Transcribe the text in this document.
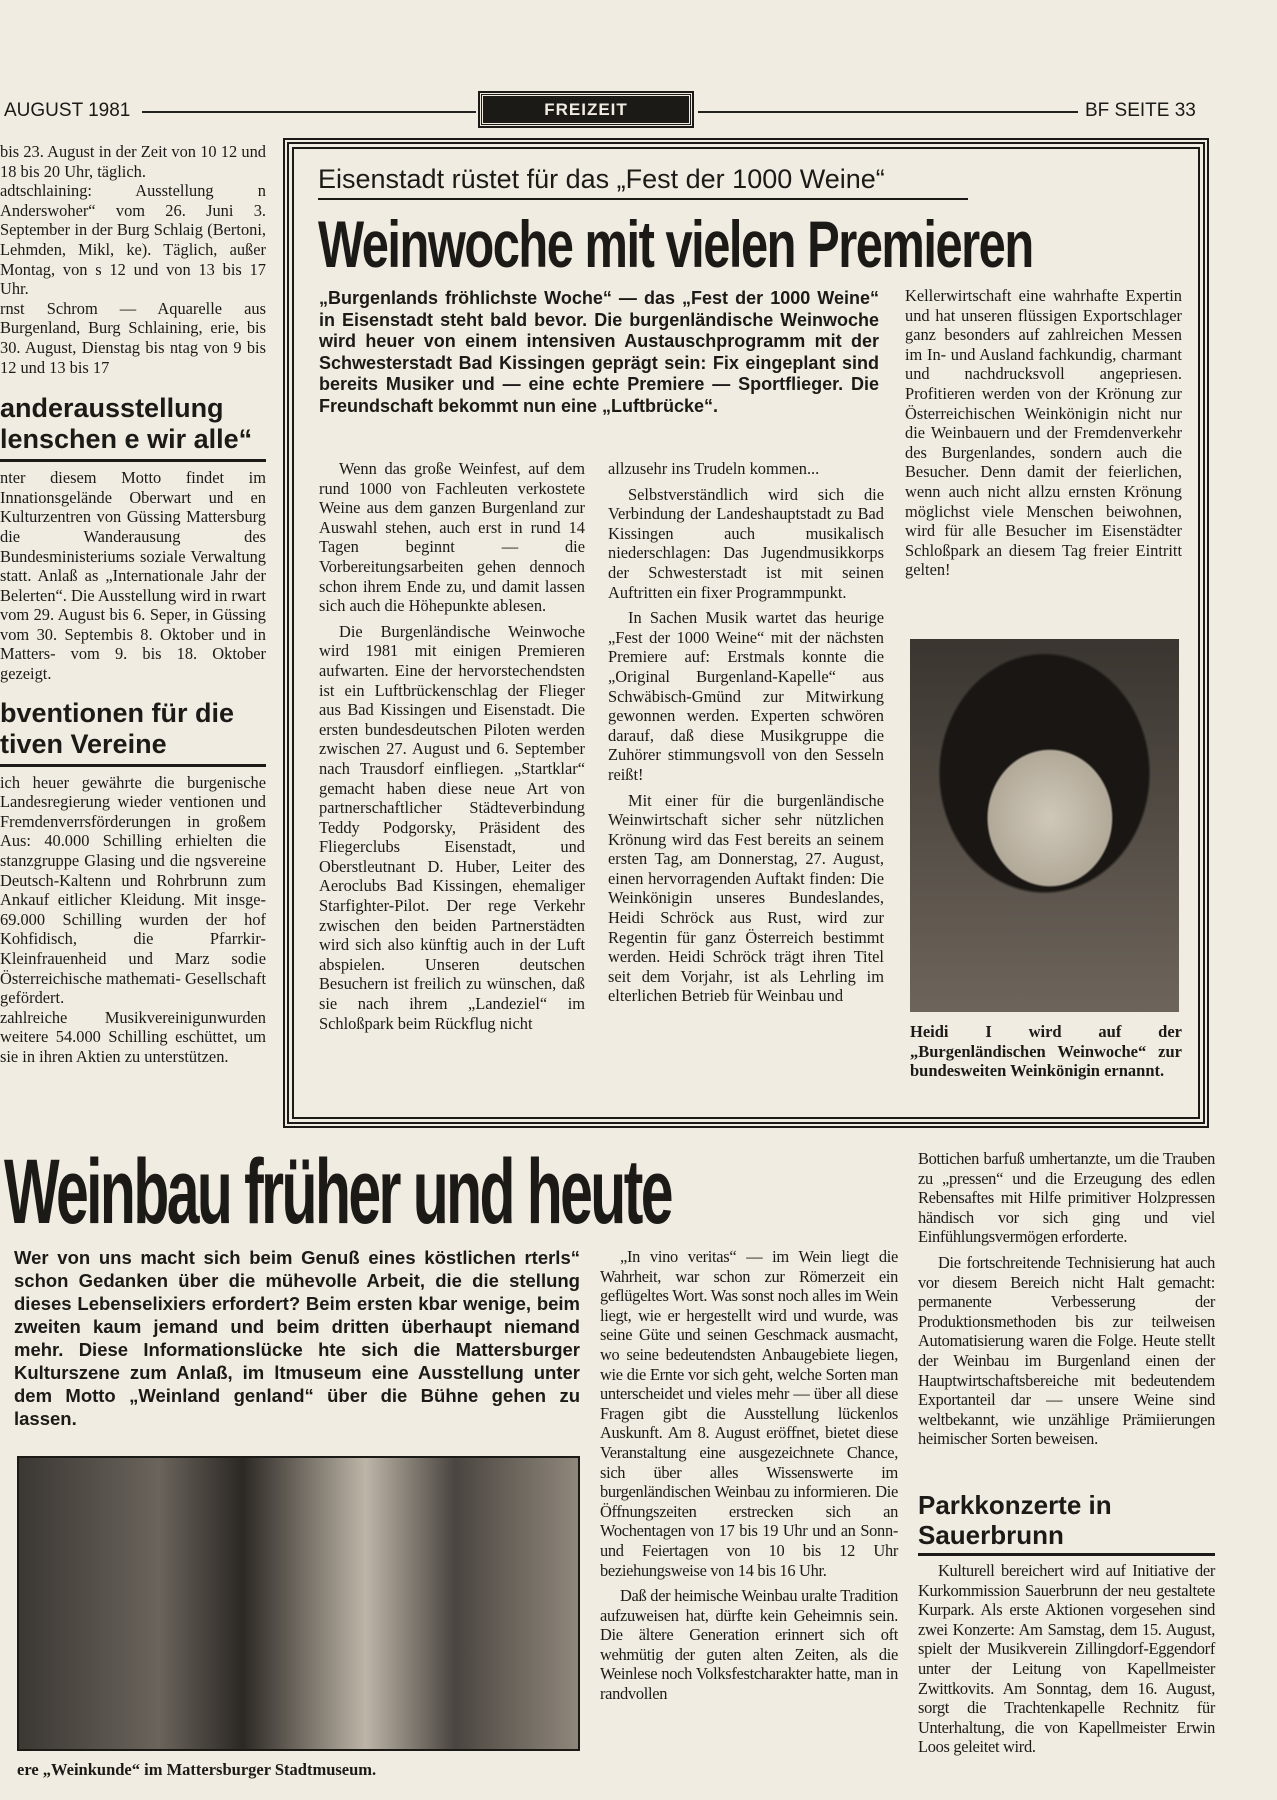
AUGUST 1981	FREIZEIT	BF SEITE 33
bis 23. August in der Zeit von 10 12 und 18 bis 20 Uhr, täglich.
adtschlaining: Ausstellung n Anderswoher“ vom 26. Juni 3. September in der Burg Schlaig (Bertoni, Lehmden, Mikl, ke). Täglich, außer Montag, von s 12 und von 13 bis 17 Uhr.
rnst Schrom — Aquarelle aus Burgenland, Burg Schlaining, erie, bis 30. August, Dienstag bis ntag von 9 bis 12 und 13 bis 17
anderausstellung lenschen e wir alle“
nter diesem Motto findet im Innationsgelände Oberwart und en Kulturzentren von Güssing Mattersburg die Wanderausung des Bundesministeriums soziale Verwaltung statt. Anlaß as „Internationale Jahr der Belerten“. Die Ausstellung wird in rwart vom 29. August bis 6. Seper, in Güssing vom 30. Septembis 8. Oktober und in Matters- vom 9. bis 18. Oktober gezeigt.
bventionen für die tiven Vereine
ich heuer gewährte die burgenische Landesregierung wieder ventionen und Fremdenverrsförderungen in großem Aus: 40.000 Schilling erhielten die stanzgruppe Glasing und die ngsvereine Deutsch-Kaltenn und Rohrbrunn zum Ankauf eitlicher Kleidung. Mit insge- 69.000 Schilling wurden der hof Kohfidisch, die Pfarrkir- Kleinfrauenheid und Marz sodie Österreichische mathemati- Gesellschaft gefördert.
zahlreiche Musikvereinigunwurden weitere 54.000 Schilling eschüttet, um sie in ihren Aktien zu unterstützen.
Eisenstadt rüstet für das „Fest der 1000 Weine“
Weinwoche mit vielen Premieren
„Burgenlands fröhlichste Woche“ — das „Fest der 1000 Weine“ in Eisenstadt steht bald bevor. Die burgenländische Weinwoche wird heuer von einem intensiven Austauschprogramm mit der Schwesterstadt Bad Kissingen geprägt sein: Fix eingeplant sind bereits Musiker und — eine echte Premiere — Sportflieger. Die Freundschaft bekommt nun eine „Luftbrücke“.

Wenn das große Weinfest, auf dem rund 1000 von Fachleuten verkostete Weine aus dem ganzen Burgenland zur Auswahl stehen, auch erst in rund 14 Tagen beginnt — die Vorbereitungsarbeiten gehen dennoch schon ihrem Ende zu, und damit lassen sich auch die Höhepunkte ablesen.

Die Burgenländische Weinwoche wird 1981 mit einigen Premieren aufwarten. Eine der hervorstechendsten ist ein Luftbrückenschlag der Flieger aus Bad Kissingen und Eisenstadt. Die ersten bundesdeutschen Piloten werden zwischen 27. August und 6. September nach Trausdorf einfliegen. „Startklar“ gemacht haben diese neue Art von partnerschaftlicher Städteverbindung Teddy Podgorsky, Präsident des Fliegerclubs Eisenstadt, und Oberstleutnant D. Huber, Leiter des Aeroclubs Bad Kissingen, ehemaliger Starfighter-Pilot. Der rege Verkehr zwischen den beiden Partnerstädten wird sich also künftig auch in der Luft abspielen. Unseren deutschen Besuchern ist freilich zu wünschen, daß sie nach ihrem „Landeziel“ im Schloßpark beim Rückflug nicht

allzusehr ins Trudeln kommen...

Selbstverständlich wird sich die Verbindung der Landeshauptstadt zu Bad Kissingen auch musikalisch niederschlagen: Das Jugendmusikkorps der Schwesterstadt ist mit seinen Auftritten ein fixer Programmpunkt.

In Sachen Musik wartet das heurige „Fest der 1000 Weine“ mit der nächsten Premiere auf: Erstmals konnte die „Original Burgenland-Kapelle“ aus Schwäbisch-Gmünd zur Mitwirkung gewonnen werden. Experten schwören darauf, daß diese Musikgruppe die Zuhörer stimmungsvoll von den Sesseln reißt!

Mit einer für die burgenländische Weinwirtschaft sicher sehr nützlichen Krönung wird das Fest bereits an seinem ersten Tag, am Donnerstag, 27. August, einen hervorragenden Auftakt finden: Die Weinkönigin unseres Bundeslandes, Heidi Schröck aus Rust, wird zur Regentin für ganz Österreich bestimmt werden. Heidi Schröck trägt ihren Titel seit dem Vorjahr, ist als Lehrling im elterlichen Betrieb für Weinbau und

Kellerwirtschaft eine wahrhafte Expertin und hat unseren flüssigen Exportschlager ganz besonders auf zahlreichen Messen im In- und Ausland fachkundig, charmant und nachdrucksvoll angepriesen. Profitieren werden von der Krönung zur Österreichischen Weinkönigin nicht nur die Weinbauern und der Fremdenverkehr des Burgenlandes, sondern auch die Besucher. Denn damit der feierlichen, wenn auch nicht allzu ernsten Krönung möglichst viele Menschen beiwohnen, wird für alle Besucher im Eisenstädter Schloßpark an diesem Tag freier Eintritt gelten!
Heidi I wird auf der „Burgenländischen Weinwoche“ zur bundesweiten Weinkönigin ernannt.
Weinbau früher und heute
Wer von uns macht sich beim Genuß eines köstlichen rterls“ schon Gedanken über die mühevolle Arbeit, die die stellung dieses Lebenselixiers erfordert? Beim ersten kbar wenige, beim zweiten kaum jemand und beim dritten überhaupt niemand mehr. Diese Informationslücke hte sich die Mattersburger Kulturszene zum Anlaß, im ltmuseum eine Ausstellung unter dem Motto „Weinland genland“ über die Bühne gehen zu lassen.
ere „Weinkunde“ im Mattersburger Stadtmuseum.

„In vino veritas“ — im Wein liegt die Wahrheit, war schon zur Römerzeit ein geflügeltes Wort. Was sonst noch alles im Wein liegt, wie er hergestellt wird und wurde, was seine Güte und seinen Geschmack ausmacht, wo seine bedeutendsten Anbaugebiete liegen, wie die Ernte vor sich geht, welche Sorten man unterscheidet und vieles mehr — über all diese Fragen gibt die Ausstellung lückenlos Auskunft. Am 8. August eröffnet, bietet diese Veranstaltung eine ausgezeichnete Chance, sich über alles Wissenswerte im burgenländischen Weinbau zu informieren. Die Öffnungszeiten erstrecken sich an Wochentagen von 17 bis 19 Uhr und an Sonn- und Feiertagen von 10 bis 12 Uhr beziehungsweise von 14 bis 16 Uhr.

Daß der heimische Weinbau uralte Tradition aufzuweisen hat, dürfte kein Geheimnis sein. Die ältere Generation erinnert sich oft wehmütig der guten alten Zeiten, als die Weinlese noch Volksfestcharakter hatte, man in randvollen

Bottichen barfuß umhertanzte, um die Trauben zu „pressen“ und die Erzeugung des edlen Rebensaftes mit Hilfe primitiver Holzpressen händisch vor sich ging und viel Einfühlungsvermögen erforderte.

Die fortschreitende Technisierung hat auch vor diesem Bereich nicht Halt gemacht: permanente Verbesserung der Produktionsmethoden bis zur teilweisen Automatisierung waren die Folge. Heute stellt der Weinbau im Burgenland einen der Hauptwirtschaftsbereiche mit bedeutendem Exportanteil dar — unsere Weine sind weltbekannt, wie unzählige Prämiierungen heimischer Sorten beweisen.

Parkkonzerte in Sauerbrunn

Kulturell bereichert wird auf Initiative der Kurkommission Sauerbrunn der neu gestaltete Kurpark. Als erste Aktionen vorgesehen sind zwei Konzerte: Am Samstag, dem 15. August, spielt der Musikverein Zillingdorf-Eggendorf unter der Leitung von Kapellmeister Zwittkovits. Am Sonntag, dem 16. August, sorgt die Trachtenkapelle Rechnitz für Unterhaltung, die von Kapellmeister Erwin Loos geleitet wird.
